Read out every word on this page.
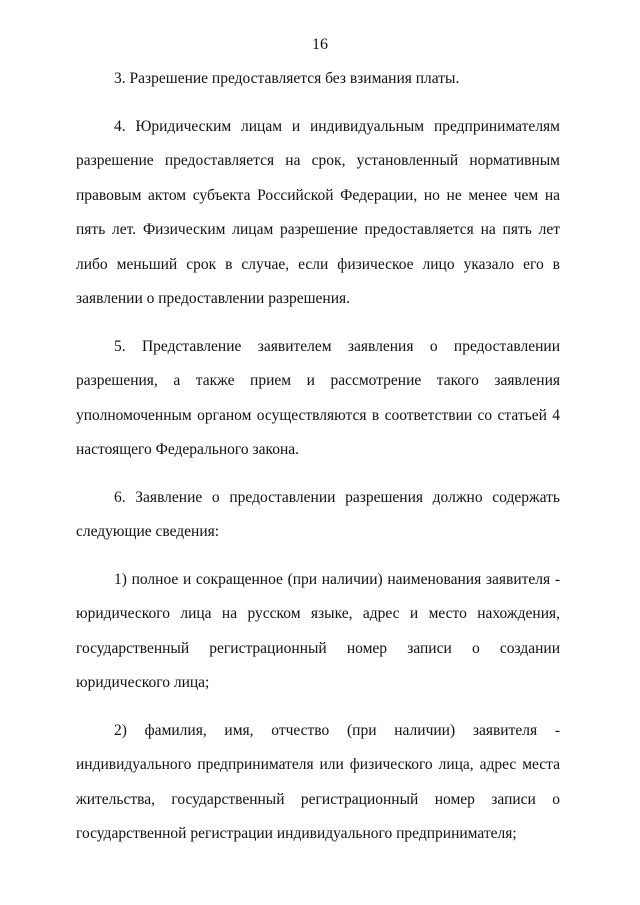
16

3. Разрешение предоставляется без взимания платы.

4. Юридическим лицам и индивидуальным предпринимателям разрешение предоставляется на срок, установленный нормативным правовым актом субъекта Российской Федерации, но не менее чем на пять лет. Физическим лицам разрешение предоставляется на пять лет либо меньший срок в случае, если физическое лицо указало его в заявлении о предоставлении разрешения.

5. Представление заявителем заявления о предоставлении разрешения, а также прием и рассмотрение такого заявления уполномоченным органом осуществляются в соответствии со статьей 4 настоящего Федерального закона.

6. Заявление о предоставлении разрешения должно содержать следующие сведения:

1) полное и сокращенное (при наличии) наименования заявителя - юридического лица на русском языке, адрес и место нахождения, государственный регистрационный номер записи о создании юридического лица;

2) фамилия, имя, отчество (при наличии) заявителя - индивидуального предпринимателя или физического лица, адрес места жительства, государственный регистрационный номер записи о государственной регистрации индивидуального предпринимателя;
